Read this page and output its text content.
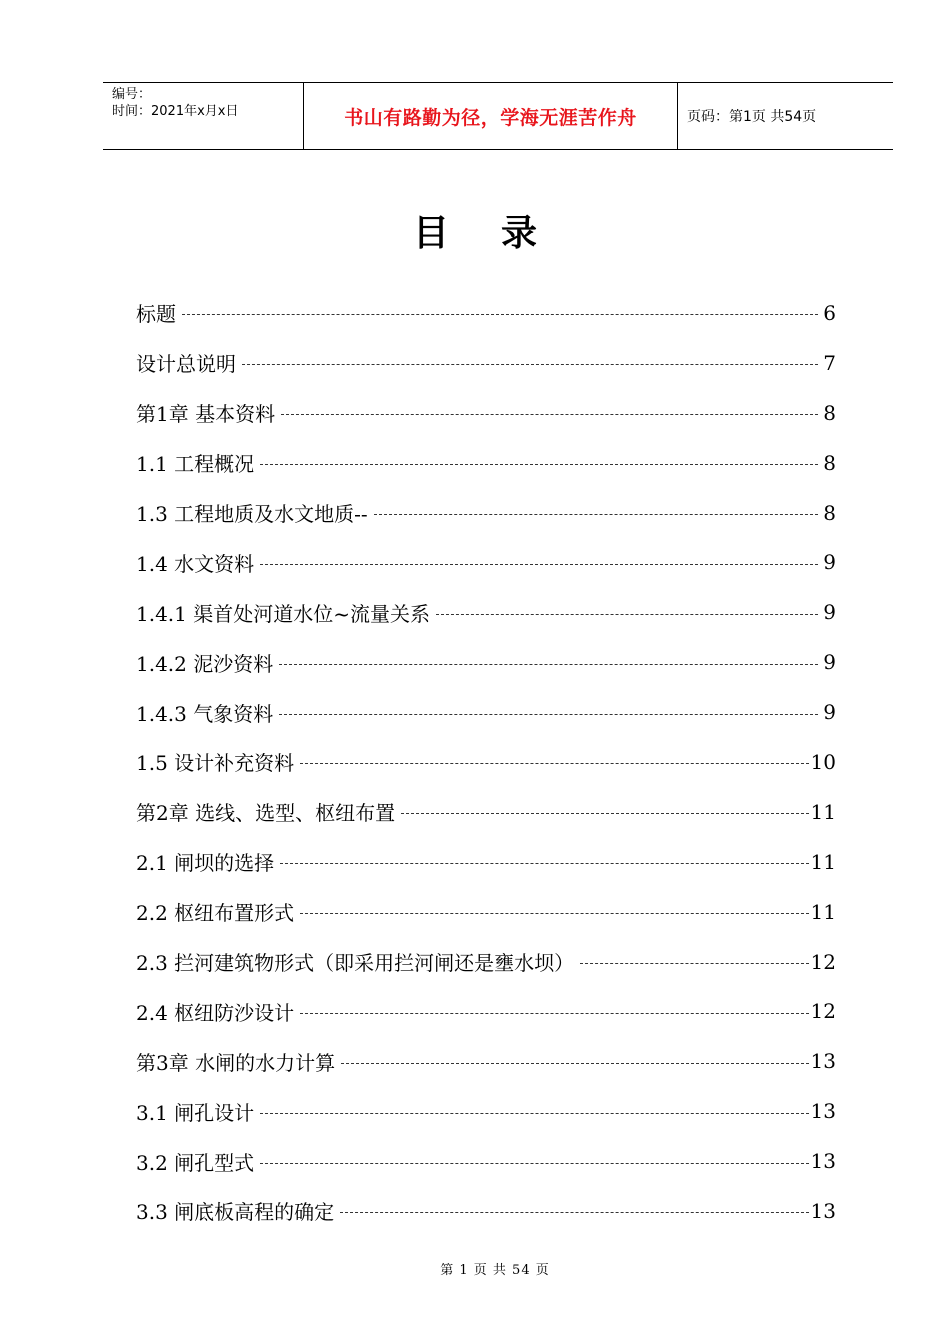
编号：
时间：2021年x月x日	书山有路勤为径，学海无涯苦作舟	页码：第1页 共54页
目录
标题	6
设计总说明	7
第1章 基本资料	8
1.1 工程概况	8
1.3 工程地质及水文地质--	8
1.4 水文资料	9
1.4.1 渠首处河道水位~流量关系	9
1.4.2 泥沙资料	9
1.4.3 气象资料	9
1.5 设计补充资料	10
第2章 选线、选型、枢纽布置	11
2.1 闸坝的选择	11
2.2 枢纽布置形式	11
2.3 拦河建筑物形式（即采用拦河闸还是壅水坝）	12
2.4 枢纽防沙设计	12
第3章 水闸的水力计算	13
3.1 闸孔设计	13
3.2 闸孔型式	13
3.3 闸底板高程的确定	13
第 1 页 共 54 页
